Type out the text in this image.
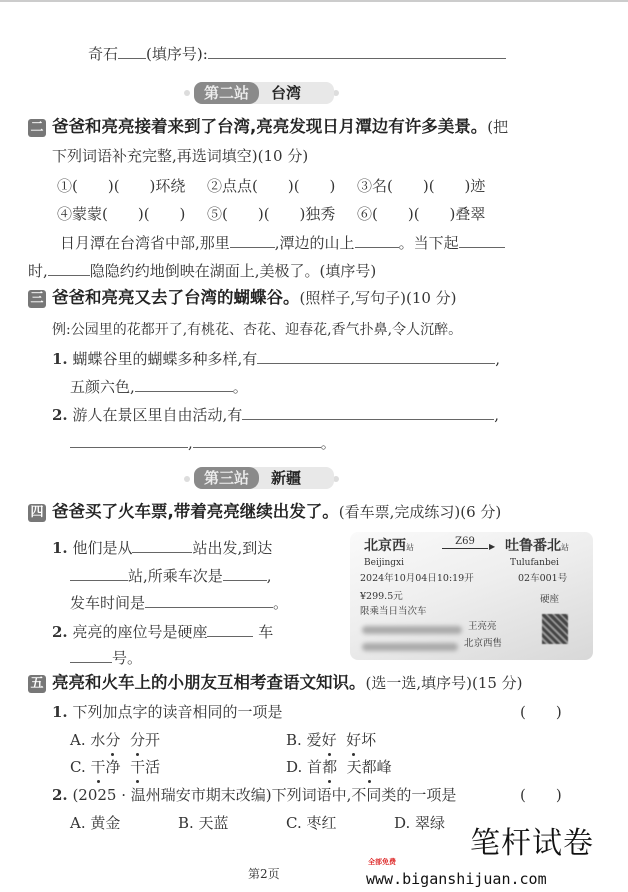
奇石 (填序号):
第二站	台湾
二 爸爸和亮亮接着来到了台湾,亮亮发现日月潭边有许多美景。(把
下列词语补充完整,再选词填空)(10 分)
①(　　)(　　)环绕 ②点点(　　)(　　) ③名(　　)(　　)迹
④蒙蒙(　　)(　　) ⑤(　　)(　　)独秀 ⑥(　　)(　　)叠翠
日月潭在台湾省中部,那里	,潭边的山上	。当下起
时,	隐隐约约地倒映在湖面上,美极了。(填序号)
三 爸爸和亮亮又去了台湾的蝴蝶谷。(照样子,写句子)(10 分)
例:公园里的花都开了,有桃花、杏花、迎春花,香气扑鼻,令人沉醉。
1. 蝴蝶谷里的蝴蝶多种多样,有	,
五颜六色,	。
2. 游人在景区里自由活动,有	,
,	。
第三站	新疆
四 爸爸买了火车票,带着亮亮继续出发了。(看车票,完成练习)(6 分)
1. 他们是从	站出发,到达
站,所乘车次是	,
发车时间是	。
2. 亮亮的座位号是硬座	车
号。
北京西站
Beijingxi
Z69	▶ 吐鲁番北站
Tulufanbei
2024年10月04日10:19开	02车001号
¥299.5元	硬座
限乘当日当次车
王亮亮
北京西售
五 亮亮和火车上的小朋友互相考查语文知识。(选一选,填序号)(15 分)
1. 下列加点字的读音相同的一项是	(　　)
A. 水分 分开	B. 爱好 好坏
C. 干净 干活	D. 首都 天都峰
2. (2025 · 温州瑞安市期末改编)下列词语中,不同类的一项是	(　　)
A. 黄金	B. 天蓝	C. 枣红	D. 翠绿
第2页
笔杆试卷
全部免费
www.biganshijuan.com
